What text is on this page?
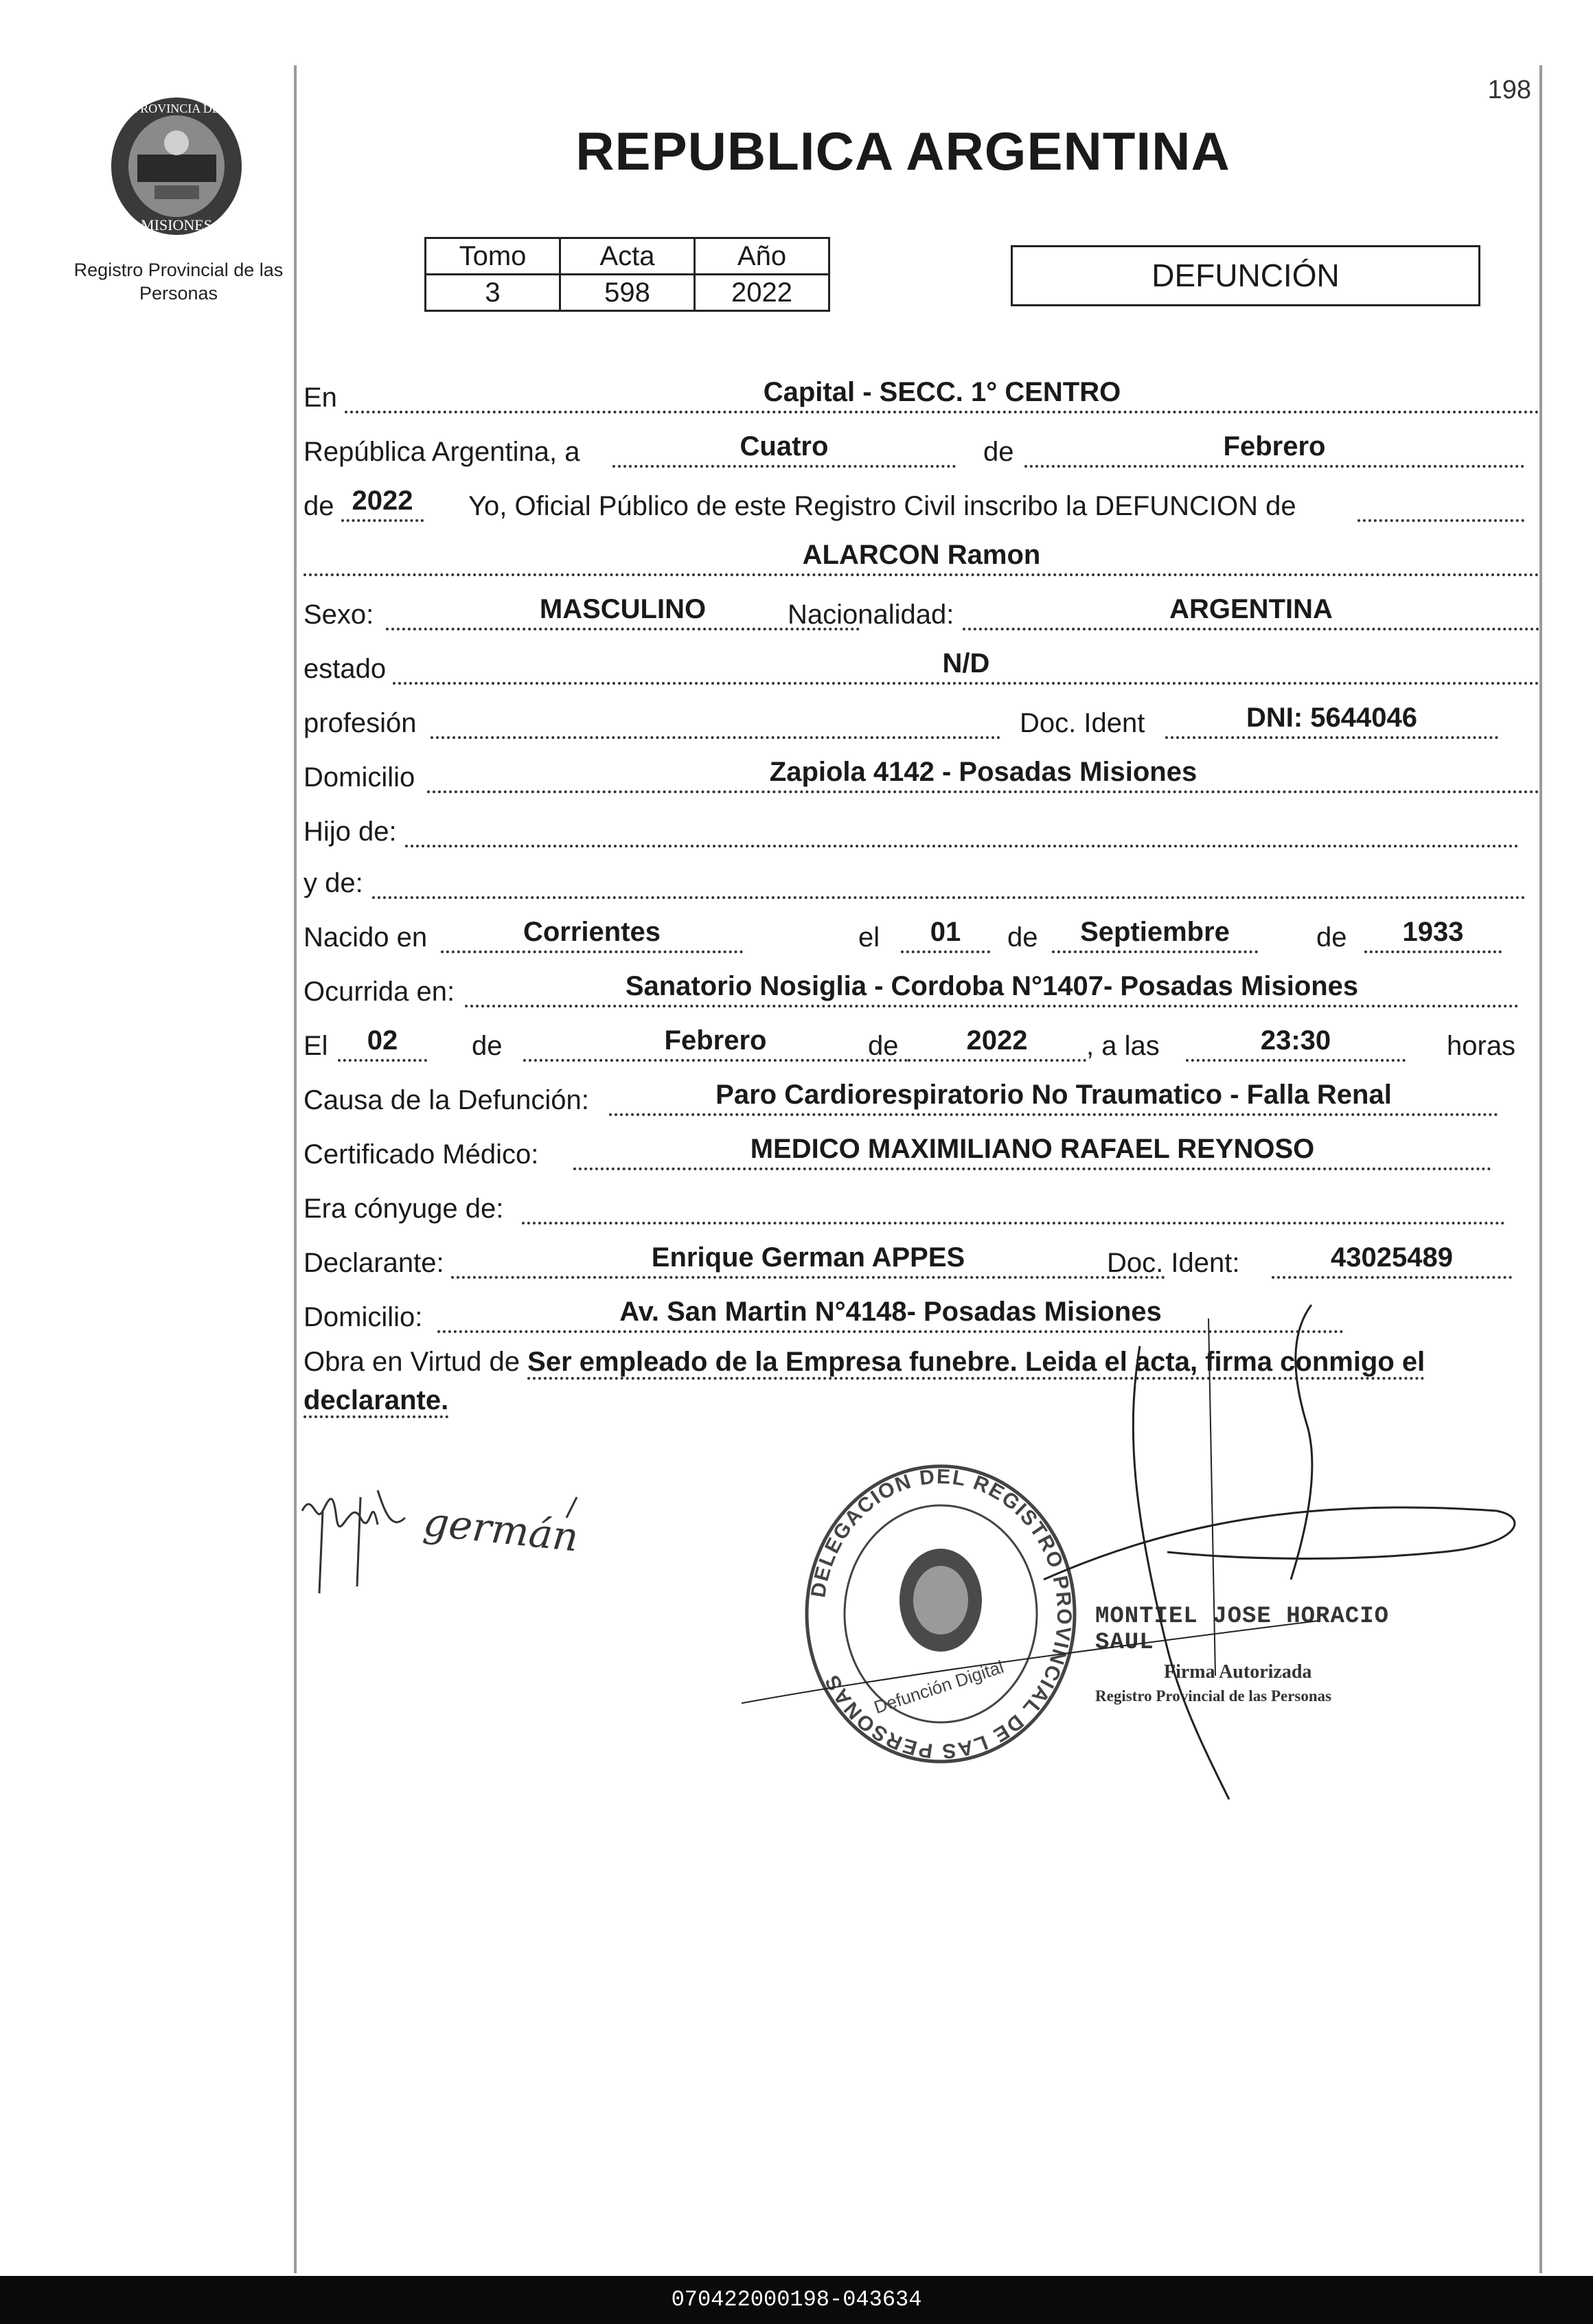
PROVINCIA DE
MISIONES
Registro Provincial de las Personas
198
REPUBLICA ARGENTINA
Tomo	Acta	Año
3	598	2022	DEFUNCIÓN
En	Capital - SECC. 1° CENTRO
República Argentina, a	Cuatro	de	Febrero
de 2022	Yo, Oficial Público de este Registro Civil inscribo la DEFUNCION de

ALARCON Ramon
Sexo:	MASCULINO	Nacionalidad:	ARGENTINA
estado	N/D
profesión	Doc. Ident	DNI: 5644046
Domicilio	Zapiola 4142 - Posadas Misiones
Hijo de:
y de:
Nacido en	Corrientes	el	01	de	Septiembre	de	1933
Ocurrida en:	Sanatorio Nosiglia - Cordoba N°1407- Posadas Misiones
El	02	de	Febrero	de	2022	, a las	23:30	horas
Causa de la Defunción:	Paro Cardiorespiratorio No Traumatico - Falla Renal
Certificado Médico:	MEDICO MAXIMILIANO RAFAEL REYNOSO
Era cónyuge de:
Declarante:	Enrique German APPES	Doc. Ident:	43025489
Domicilio:	Av. San Martin N°4148- Posadas Misiones
Obra en Virtud de Ser empleado de la Empresa funebre. Leida el acta, firma conmigo el declarante.
germán
DELEGACION DEL REGISTRO PROVINCIAL DE LAS PERSONAS	Defunción Digital
MONTIEL JOSE HORACIO SAUL
Firma Autorizada
Registro Provincial de las Personas
070422000198-043634
